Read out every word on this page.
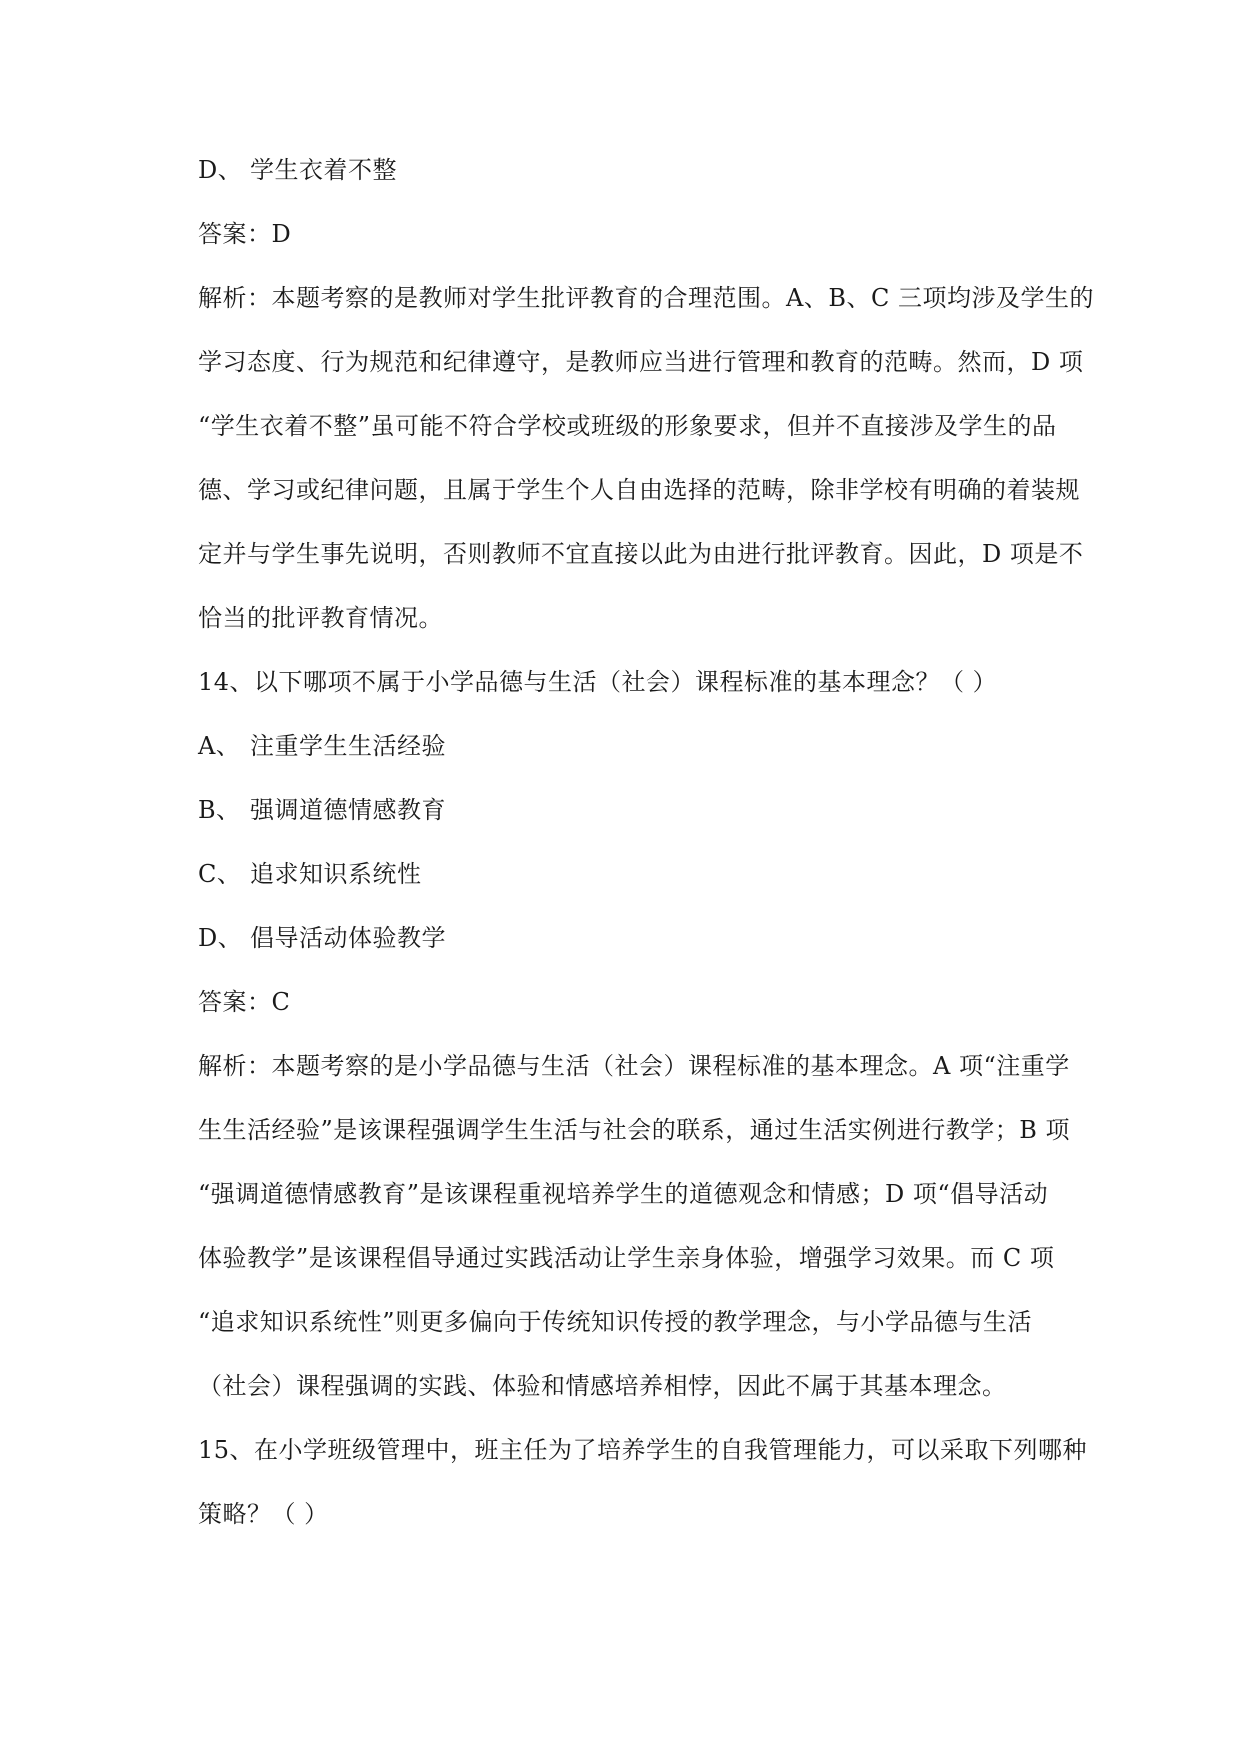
D、 学生衣着不整
答案：D
解析：本题考察的是教师对学生批评教育的合理范围。A、B、C 三项均涉及学生的
学习态度、行为规范和纪律遵守，是教师应当进行管理和教育的范畴。然而，D 项
“学生衣着不整”虽可能不符合学校或班级的形象要求，但并不直接涉及学生的品
德、学习或纪律问题，且属于学生个人自由选择的范畴，除非学校有明确的着装规
定并与学生事先说明，否则教师不宜直接以此为由进行批评教育。因此，D 项是不
恰当的批评教育情况。
14、以下哪项不属于小学品德与生活（社会）课程标准的基本理念？（ ）
A、 注重学生生活经验
B、 强调道德情感教育
C、 追求知识系统性
D、 倡导活动体验教学
答案：C
解析：本题考察的是小学品德与生活（社会）课程标准的基本理念。A 项“注重学
生生活经验”是该课程强调学生生活与社会的联系，通过生活实例进行教学；B 项
“强调道德情感教育”是该课程重视培养学生的道德观念和情感；D 项“倡导活动
体验教学”是该课程倡导通过实践活动让学生亲身体验，增强学习效果。而 C 项
“追求知识系统性”则更多偏向于传统知识传授的教学理念，与小学品德与生活
（社会）课程强调的实践、体验和情感培养相悖，因此不属于其基本理念。
15、在小学班级管理中，班主任为了培养学生的自我管理能力，可以采取下列哪种
策略？（ ）
